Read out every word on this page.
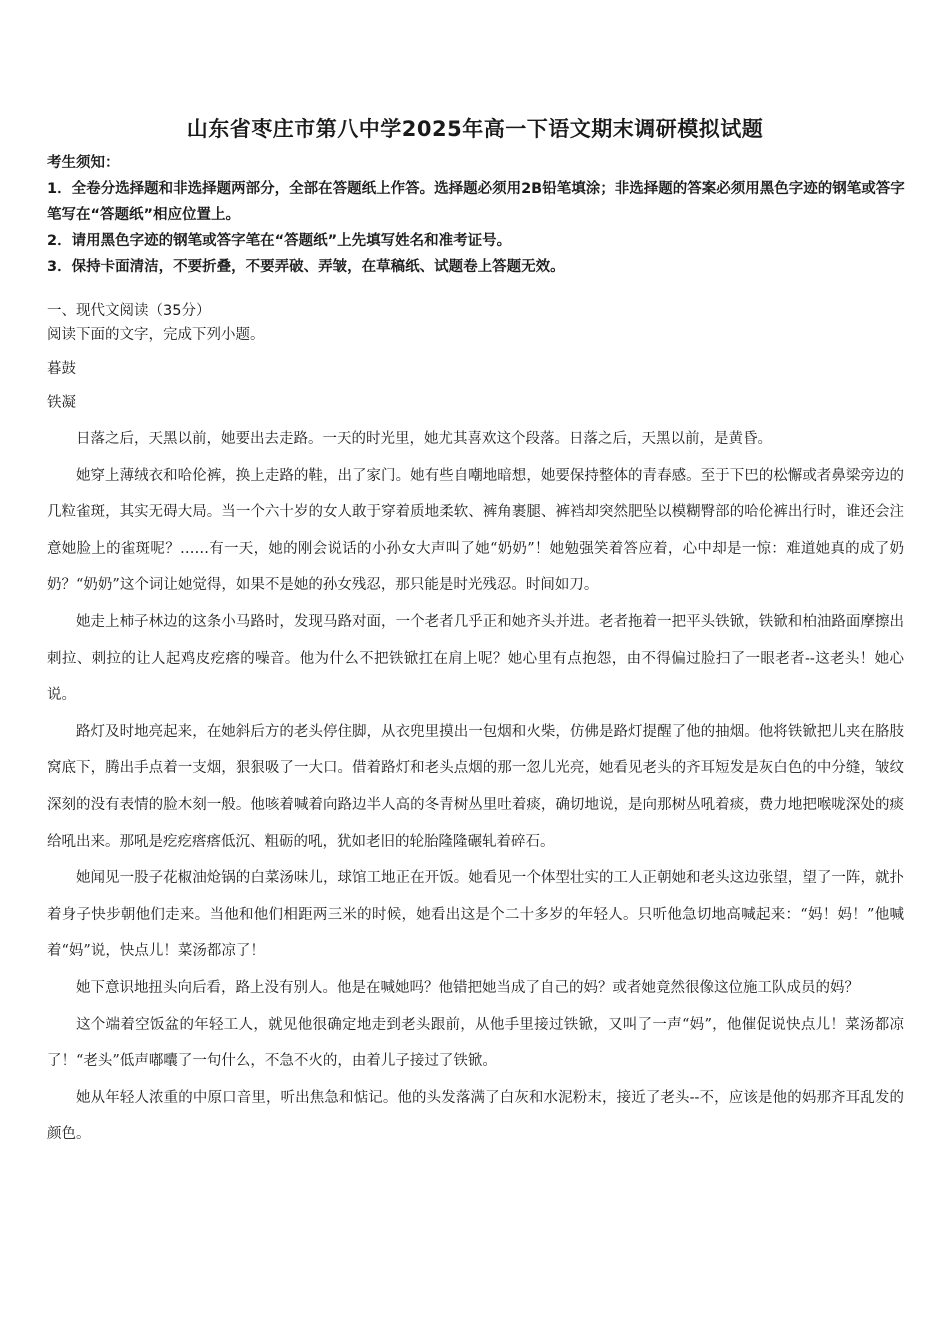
山东省枣庄市第八中学2025年高一下语文期末调研模拟试题
考生须知：
1．全卷分选择题和非选择题两部分，全部在答题纸上作答。选择题必须用2B铅笔填涂；非选择题的答案必须用黑色字迹的钢笔或答字笔写在“答题纸”相应位置上。
2．请用黑色字迹的钢笔或答字笔在“答题纸”上先填写姓名和准考证号。
3．保持卡面清洁，不要折叠，不要弄破、弄皱，在草稿纸、试题卷上答题无效。
一、现代文阅读（35分）
阅读下面的文字，完成下列小题。
暮鼓
铁凝

日落之后，天黑以前，她要出去走路。一天的时光里，她尤其喜欢这个段落。日落之后，天黑以前，是黄昏。

她穿上薄绒衣和哈伦裤，换上走路的鞋，出了家门。她有些自嘲地暗想，她要保持整体的青春感。至于下巴的松懈或者鼻梁旁边的几粒雀斑，其实无碍大局。当一个六十岁的女人敢于穿着质地柔软、裤角裹腿、裤裆却突然肥坠以模糊臀部的哈伦裤出行时，谁还会注意她脸上的雀斑呢？……有一天，她的刚会说话的小孙女大声叫了她“奶奶”！她勉强笑着答应着，心中却是一惊：难道她真的成了奶奶？“奶奶”这个词让她觉得，如果不是她的孙女残忍，那只能是时光残忍。时间如刀。

她走上柿子林边的这条小马路时，发现马路对面，一个老者几乎正和她齐头并进。老者拖着一把平头铁锨，铁锨和柏油路面摩擦出刺拉、刺拉的让人起鸡皮疙瘩的噪音。他为什么不把铁锨扛在肩上呢？她心里有点抱怨，由不得偏过脸扫了一眼老者--这老头！她心说。

路灯及时地亮起来，在她斜后方的老头停住脚，从衣兜里摸出一包烟和火柴，仿佛是路灯提醒了他的抽烟。他将铁锨把儿夹在胳肢窝底下，腾出手点着一支烟，狠狠吸了一大口。借着路灯和老头点烟的那一忽儿光亮，她看见老头的齐耳短发是灰白色的中分缝，皱纹深刻的没有表情的脸木刻一般。他咳着喊着向路边半人高的冬青树丛里吐着痰，确切地说，是向那树丛吼着痰，费力地把喉咙深处的痰给吼出来。那吼是疙疙瘩瘩低沉、粗砺的吼，犹如老旧的轮胎隆隆碾轧着碎石。

她闻见一股子花椒油炝锅的白菜汤味儿，球馆工地正在开饭。她看见一个体型壮实的工人正朝她和老头这边张望，望了一阵，就扑着身子快步朝他们走来。当他和他们相距两三米的时候，她看出这是个二十多岁的年轻人。只听他急切地高喊起来：“妈！妈！”他喊着“妈”说，快点儿！菜汤都凉了！

她下意识地扭头向后看，路上没有别人。他是在喊她吗？他错把她当成了自己的妈？或者她竟然很像这位施工队成员的妈？

这个端着空饭盆的年轻工人，就见他很确定地走到老头跟前，从他手里接过铁锨，又叫了一声“妈”，他催促说快点儿！菜汤都凉了！“老头”低声嘟囔了一句什么，不急不火的，由着儿子接过了铁锨。

她从年轻人浓重的中原口音里，听出焦急和惦记。他的头发落满了白灰和水泥粉末，接近了老头--不，应该是他的妈那齐耳乱发的颜色。
